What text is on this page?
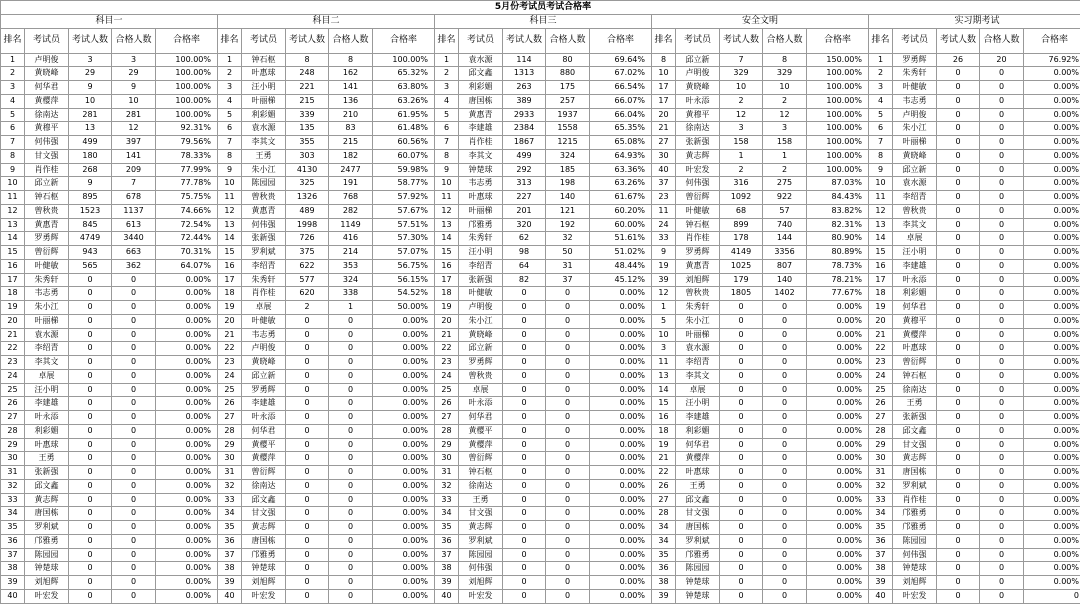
5月份考试员考试合格率																								
科目一					科目二					科目三					安全文明					实习期考试				
排名	考试员	考试人数	合格人数	合格率	排名	考试员	考试人数	合格人数	合格率	排名	考试员	考试人数	合格人数	合格率	排名	考试员	考试人数	合格人数	合格率	排名	考试员	考试人数	合格人数	合格率
1	卢明俊	3	3	100.00%	1	钟石枢	8	8	100.00%	1	袁水源	114	80	69.64%	8	邱立新	7	8	150.00%	1	罗勇辉	26	20	76.92%
2	黄晓峰	29	29	100.00%	2	叶惠球	248	162	65.32%	2	邱文鑫	1313	880	67.02%	10	卢明俊	329	329	100.00%	2	朱秀轩	0	0	0.00%
3	何华君	9	9	100.00%	3	汪小明	221	141	63.80%	3	利彩媚	263	175	66.54%	17	黄晓峰	10	10	100.00%	3	叶健敏	0	0	0.00%
4	黄樱萍	10	10	100.00%	4	叶丽梯	215	136	63.26%	4	唐国栋	389	257	66.07%	17	叶永添	2	2	100.00%	4	韦志勇	0	0	0.00%
5	徐南达	281	281	100.00%	5	利彩媚	339	210	61.95%	5	黄惠青	2933	1937	66.04%	20	黄穆平	12	12	100.00%	5	卢明俊	0	0	0.00%
6	黄穆平	13	12	92.31%	6	袁水源	135	83	61.48%	6	李建雄	2384	1558	65.35%	21	徐南达	3	3	100.00%	6	朱小江	0	0	0.00%
7	何伟强	499	397	79.56%	7	李其文	355	215	60.56%	7	肖作桂	1867	1215	65.08%	27	张新强	158	158	100.00%	7	叶丽梯	0	0	0.00%
8	甘文强	180	141	78.33%	8	王勇	303	182	60.07%	8	李其文	499	324	64.93%	30	黄志辉	1	1	100.00%	8	黄晓峰	0	0	0.00%
9	肖作桂	268	209	77.99%	9	朱小江	4130	2477	59.98%	9	钟楚球	292	185	63.36%	40	叶宏发	2	2	100.00%	9	邱立新	0	0	0.00%
10	邱立新	9	7	77.78%	10	陈园园	325	191	58.77%	10	韦志勇	313	198	63.26%	37	何伟强	316	275	87.03%	10	袁水源	0	0	0.00%
11	钟石枢	895	678	75.75%	11	曾秋贵	1326	768	57.92%	11	叶惠球	227	140	61.67%	23	曾衍辉	1092	922	84.43%	11	李绍青	0	0	0.00%
12	曾秋贵	1523	1137	74.66%	12	黄惠青	489	282	57.67%	12	叶丽梯	201	121	60.20%	11	叶健敏	68	57	83.82%	12	曾秋贵	0	0	0.00%
13	黄惠青	845	613	72.54%	13	何伟强	1998	1149	57.51%	13	邝雅勇	320	192	60.00%	24	钟石枢	899	740	82.31%	13	李其文	0	0	0.00%
14	罗勇辉	4749	3440	72.44%	14	张新强	726	416	57.30%	14	朱秀轩	62	32	51.61%	33	肖作桂	178	144	80.90%	14	卓展	0	0	0.00%
15	曾衍辉	943	663	70.31%	15	罗利斌	375	214	57.07%	15	汪小明	98	50	51.02%	9	罗勇辉	4149	3356	80.89%	15	汪小明	0	0	0.00%
16	叶健敏	565	362	64.07%	16	李绍青	622	353	56.75%	16	李绍青	64	31	48.44%	19	黄惠青	1025	807	78.73%	16	李建雄	0	0	0.00%
17	朱秀轩	0	0	0.00%	17	朱秀轩	577	324	56.15%	17	张新强	82	37	45.12%	39	刘旭辉	179	140	78.21%	17	叶永添	0	0	0.00%
18	韦志勇	0	0	0.00%	18	肖作桂	620	338	54.52%	18	叶健敏	0	0	0.00%	12	曾秋贵	1805	1402	77.67%	18	利彩媚	0	0	0.00%
19	朱小江	0	0	0.00%	19	卓展	2	1	50.00%	19	卢明俊	0	0	0.00%	1	朱秀轩	0	0	0.00%	19	何华君	0	0	0.00%
20	叶丽梯	0	0	0.00%	20	叶健敏	0	0	0.00%	20	朱小江	0	0	0.00%	5	朱小江	0	0	0.00%	20	黄穆平	0	0	0.00%
21	袁水源	0	0	0.00%	21	韦志勇	0	0	0.00%	21	黄晓峰	0	0	0.00%	10	叶丽梯	0	0	0.00%	21	黄樱萍	0	0	0.00%
22	李绍青	0	0	0.00%	22	卢明俊	0	0	0.00%	22	邱立新	0	0	0.00%	3	袁水源	0	0	0.00%	22	叶惠球	0	0	0.00%
23	李其文	0	0	0.00%	23	黄晓峰	0	0	0.00%	23	罗勇辉	0	0	0.00%	11	李绍青	0	0	0.00%	23	曾衍辉	0	0	0.00%
24	卓展	0	0	0.00%	24	邱立新	0	0	0.00%	24	曾秋贵	0	0	0.00%	13	李其文	0	0	0.00%	24	钟石枢	0	0	0.00%
25	汪小明	0	0	0.00%	25	罗勇辉	0	0	0.00%	25	卓展	0	0	0.00%	14	卓展	0	0	0.00%	25	徐南达	0	0	0.00%
26	李建雄	0	0	0.00%	26	李建雄	0	0	0.00%	26	叶永添	0	0	0.00%	15	汪小明	0	0	0.00%	26	王勇	0	0	0.00%
27	叶永添	0	0	0.00%	27	叶永添	0	0	0.00%	27	何华君	0	0	0.00%	16	李建雄	0	0	0.00%	27	张新强	0	0	0.00%
28	利彩媚	0	0	0.00%	28	何华君	0	0	0.00%	28	黄樱平	0	0	0.00%	18	利彩媚	0	0	0.00%	28	邱文鑫	0	0	0.00%
29	叶惠球	0	0	0.00%	29	黄樱平	0	0	0.00%	29	黄樱萍	0	0	0.00%	19	何华君	0	0	0.00%	29	甘文强	0	0	0.00%
30	王勇	0	0	0.00%	30	黄樱萍	0	0	0.00%	30	曾衍辉	0	0	0.00%	21	黄樱萍	0	0	0.00%	30	黄志辉	0	0	0.00%
31	张新强	0	0	0.00%	31	曾衍辉	0	0	0.00%	31	钟石枢	0	0	0.00%	22	叶惠球	0	0	0.00%	31	唐国栋	0	0	0.00%
32	邱文鑫	0	0	0.00%	32	徐南达	0	0	0.00%	32	徐南达	0	0	0.00%	26	王勇	0	0	0.00%	32	罗利斌	0	0	0.00%
33	黄志辉	0	0	0.00%	33	邱文鑫	0	0	0.00%	33	王勇	0	0	0.00%	27	邱文鑫	0	0	0.00%	33	肖作桂	0	0	0.00%
34	唐国栋	0	0	0.00%	34	甘文强	0	0	0.00%	34	甘文强	0	0	0.00%	28	甘文强	0	0	0.00%	34	邝雅勇	0	0	0.00%
35	罗利斌	0	0	0.00%	35	黄志辉	0	0	0.00%	35	黄志辉	0	0	0.00%	34	唐国栋	0	0	0.00%	35	邝雅勇	0	0	0.00%
36	邝雅勇	0	0	0.00%	36	唐国栋	0	0	0.00%	36	罗利斌	0	0	0.00%	34	罗利斌	0	0	0.00%	36	陈园园	0	0	0.00%
37	陈园园	0	0	0.00%	37	邝雅勇	0	0	0.00%	37	陈园园	0	0	0.00%	35	邝雅勇	0	0	0.00%	37	何伟强	0	0	0.00%
38	钟楚球	0	0	0.00%	38	钟楚球	0	0	0.00%	38	何伟强	0	0	0.00%	36	陈园园	0	0	0.00%	38	钟楚球	0	0	0.00%
39	刘旭辉	0	0	0.00%	39	刘旭辉	0	0	0.00%	39	刘旭辉	0	0	0.00%	38	钟楚球	0	0	0.00%	39	刘旭辉	0	0	0.00%
40	叶宏发	0	0	0.00%	40	叶宏发	0	0	0.00%	40	叶宏发	0	0	0.00%	39	钟楚球	0	0	0.00%	40	叶宏发	0	0	0
